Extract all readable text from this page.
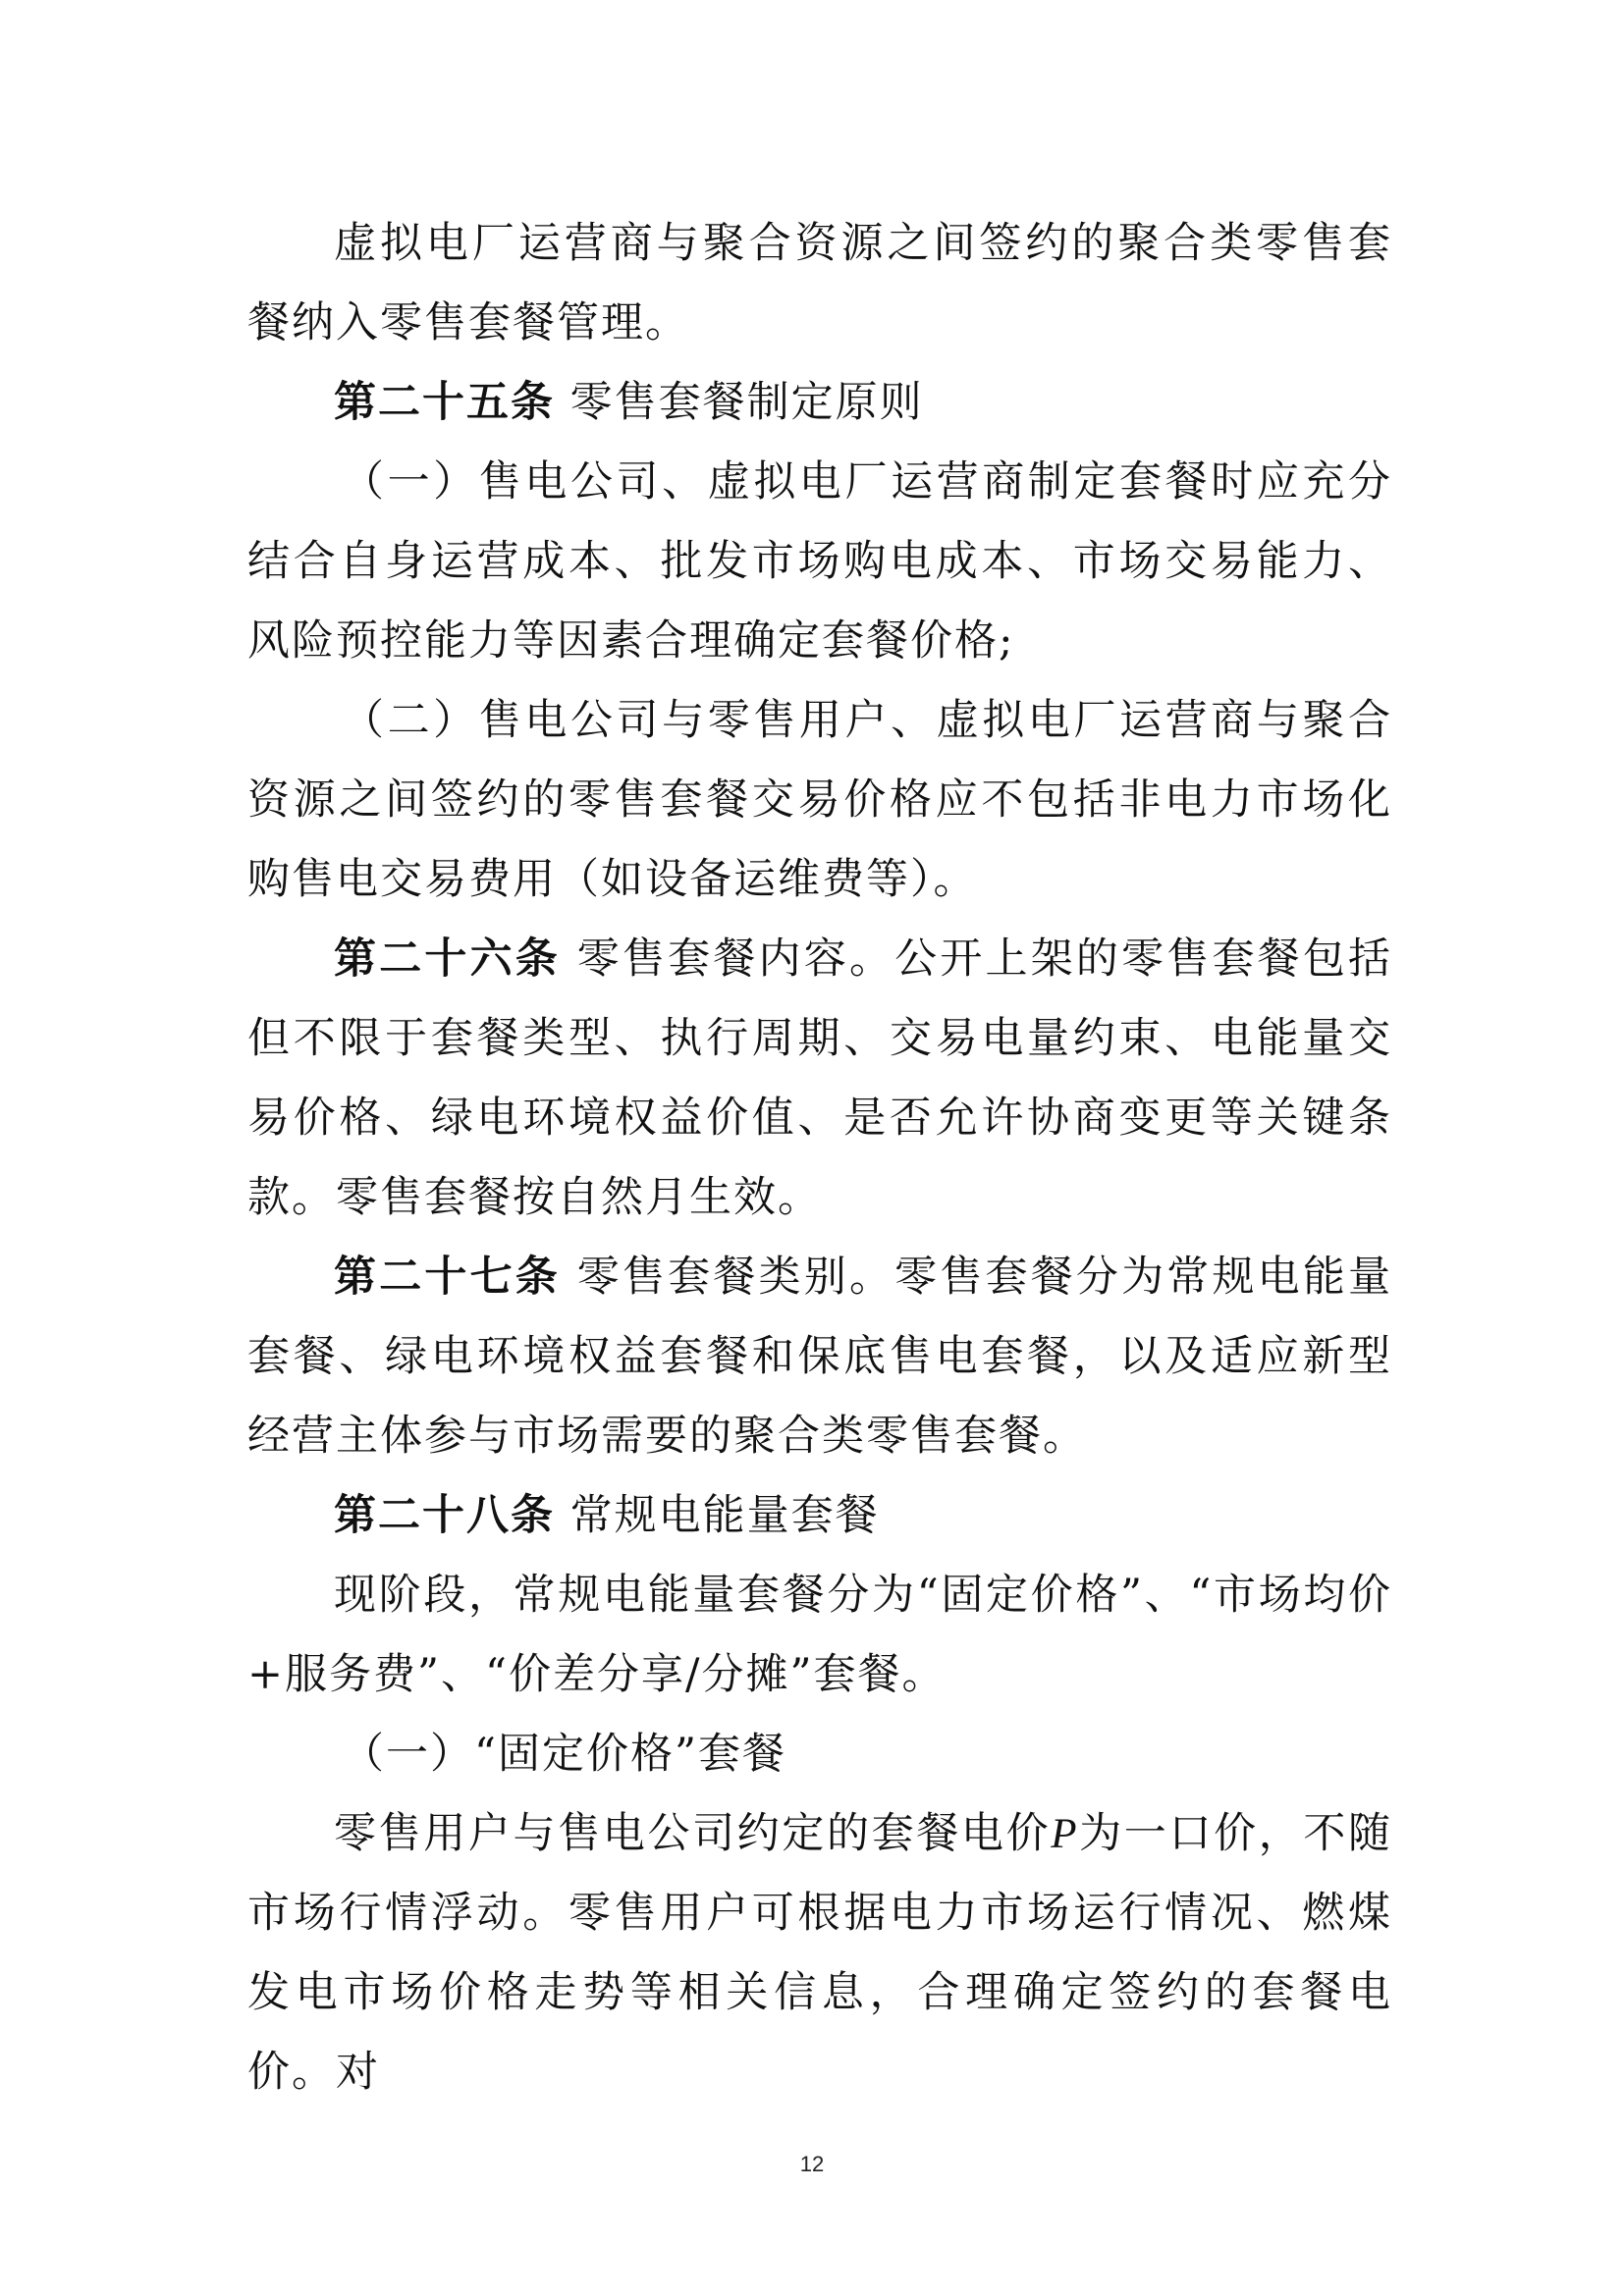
虚拟电厂运营商与聚合资源之间签约的聚合类零售套餐纳入零售套餐管理。

第二十五条 零售套餐制定原则

（一）售电公司、虚拟电厂运营商制定套餐时应充分结合自身运营成本、批发市场购电成本、市场交易能力、风险预控能力等因素合理确定套餐价格;

（二）售电公司与零售用户、虚拟电厂运营商与聚合资源之间签约的零售套餐交易价格应不包括非电力市场化购售电交易费用（如设备运维费等）。

第二十六条 零售套餐内容。公开上架的零售套餐包括但不限于套餐类型、执行周期、交易电量约束、电能量交易价格、绿电环境权益价值、是否允许协商变更等关键条款。零售套餐按自然月生效。

第二十七条 零售套餐类别。零售套餐分为常规电能量套餐、绿电环境权益套餐和保底售电套餐，以及适应新型经营主体参与市场需要的聚合类零售套餐。

第二十八条 常规电能量套餐

现阶段，常规电能量套餐分为“固定价格”、“市场均价+服务费”、“价差分享/分摊”套餐。

（一）“固定价格”套餐

零售用户与售电公司约定的套餐电价P为一口价，不随市场行情浮动。零售用户可根据电力市场运行情况、燃煤发电市场价格走势等相关信息，合理确定签约的套餐电价。对

12
